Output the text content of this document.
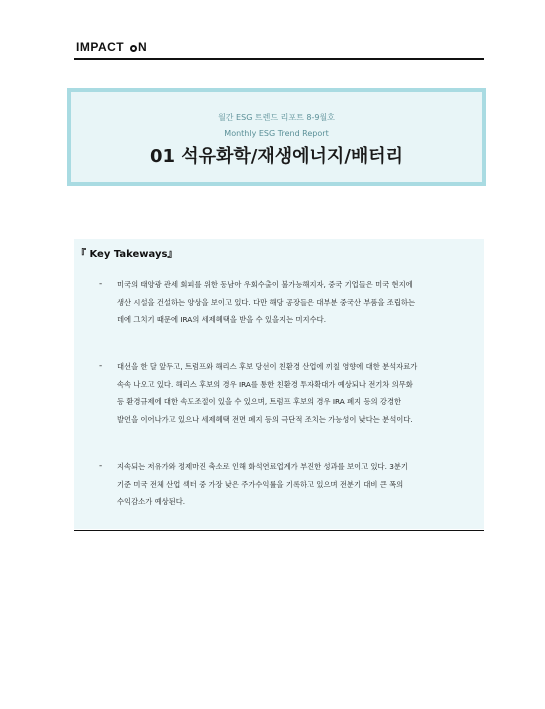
IMPACT N
월간 ESG 트렌드 리포트 8-9월호
Monthly ESG Trend Report
01 석유화학/재생에너지/배터리
『 Key Takeways』
- 미국의 태양광 관세 회피를 위한 동남아 우회수출이 불가능해지자, 중국 기업들은 미국 현지에
생산 시설을 건설하는 양상을 보이고 있다. 다만 해당 공장들은 대부분 중국산 부품을 조립하는
데에 그치기 때문에 IRA의 세제혜택을 받을 수 있을지는 미지수다.

- 대선을 한 달 앞두고, 트럼프와 해리스 후보 당선이 친환경 산업에 끼칠 영향에 대한 분석자료가
속속 나오고 있다. 해리스 후보의 경우 IRA를 통한 친환경 투자확대가 예상되나 전기차 의무화
등 환경규제에 대한 속도조절이 있을 수 있으며, 트럼프 후보의 경우 IRA 폐지 등의 강경한
발언을 이어나가고 있으나 세제혜택 전면 폐지 등의 극단적 조치는 가능성이 낮다는 분석이다.

- 지속되는 저유가와 정제마진 축소로 인해 화석연료업계가 부진한 성과를 보이고 있다. 3분기
기준 미국 전체 산업 섹터 중 가장 낮은 주가수익률을 기록하고 있으며 전분기 대비 큰 폭의
수익감소가 예상된다.
